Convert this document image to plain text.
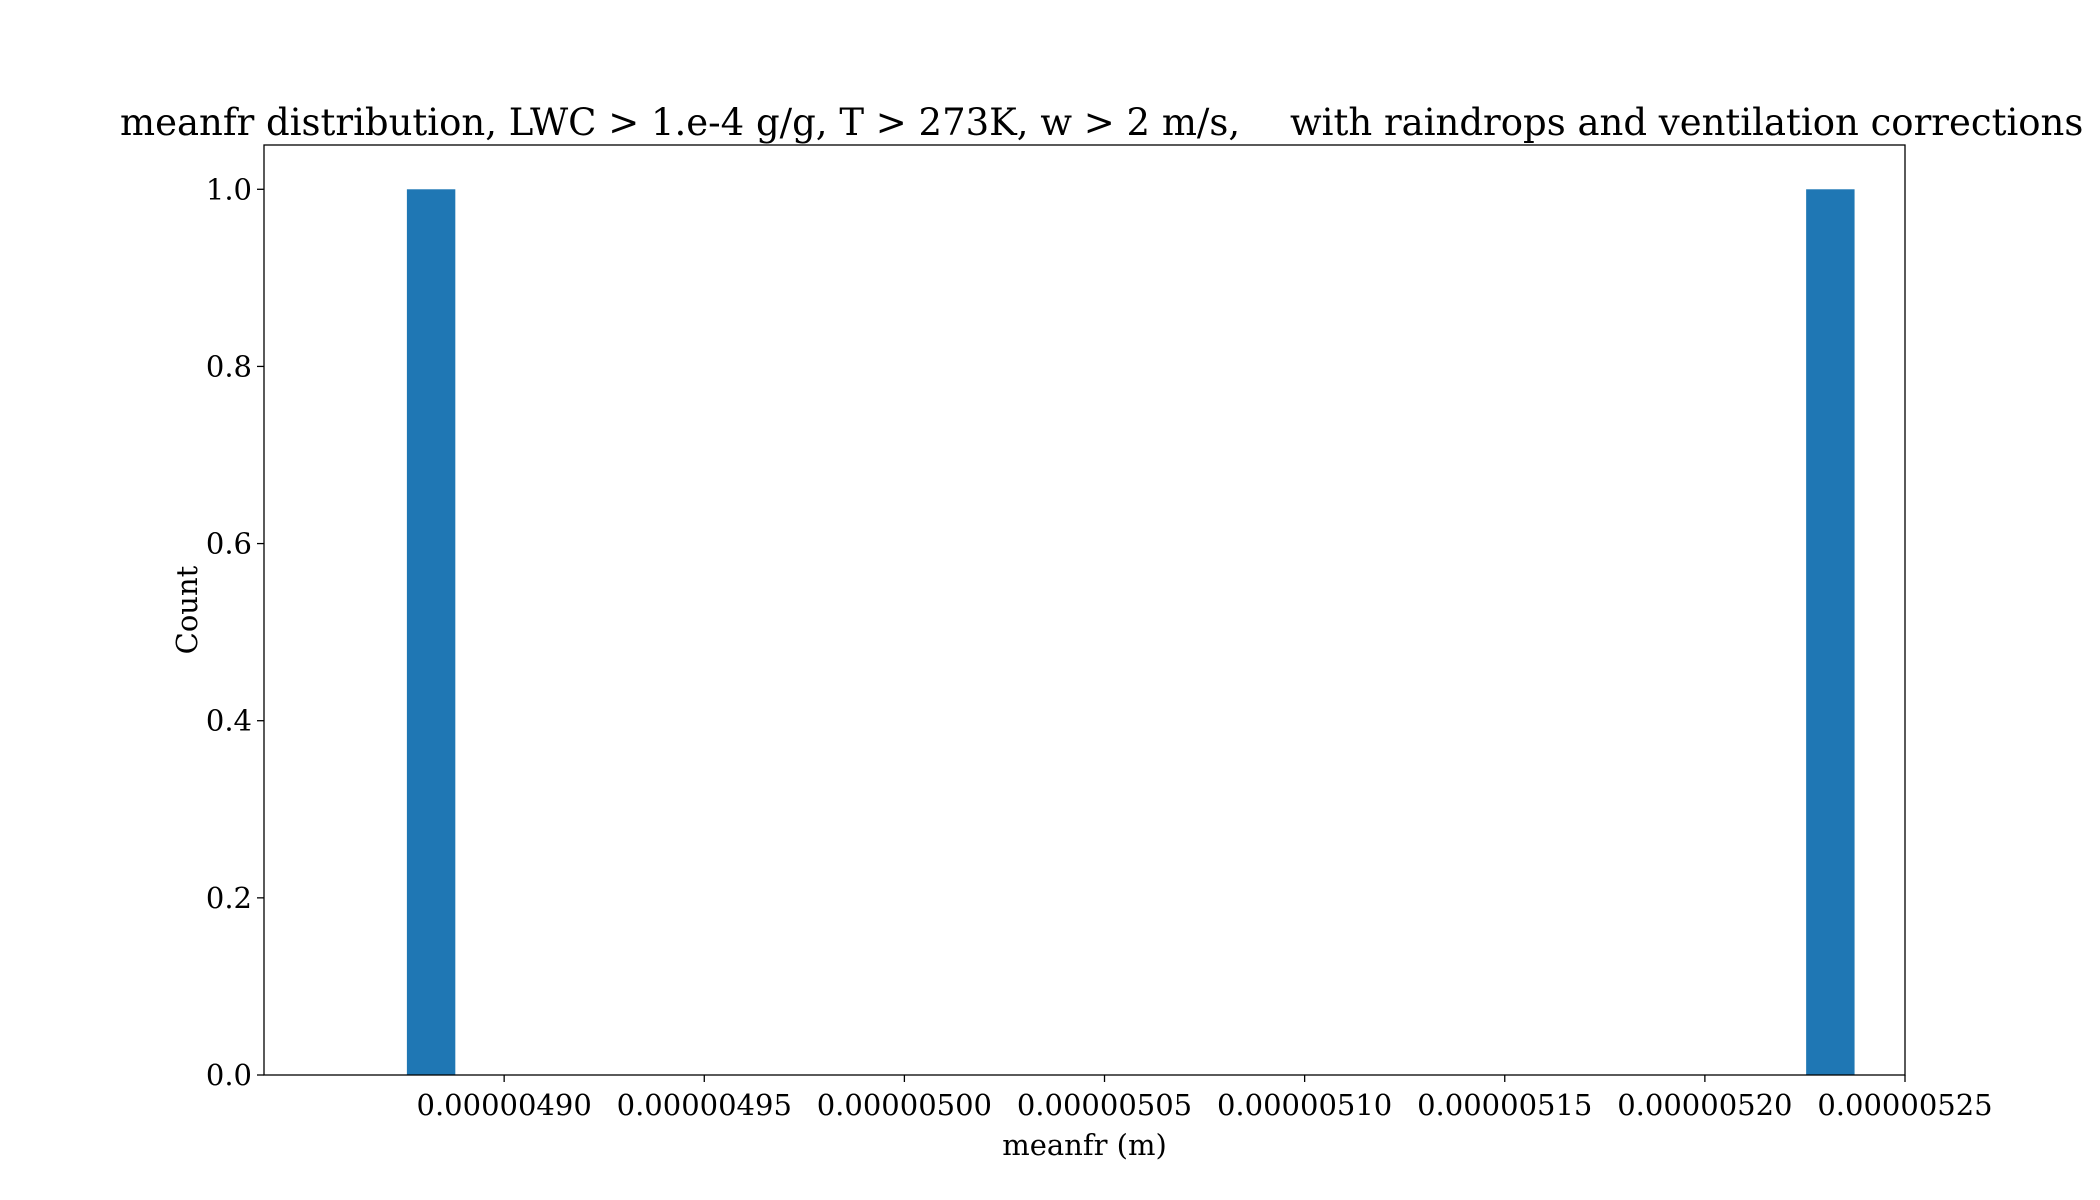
meanfr distribution, LWC > 1.e-4 g/g, T > 273K, w > 2 m/s, with raindrops and ventilation corrections
0.00000490 0.00000495 0.00000500 0.00000505 0.00000510 0.00000515 0.00000520 0.00000525
0.0
0.2
0.4
0.6
0.8
1.0
meanfr (m)
Count
